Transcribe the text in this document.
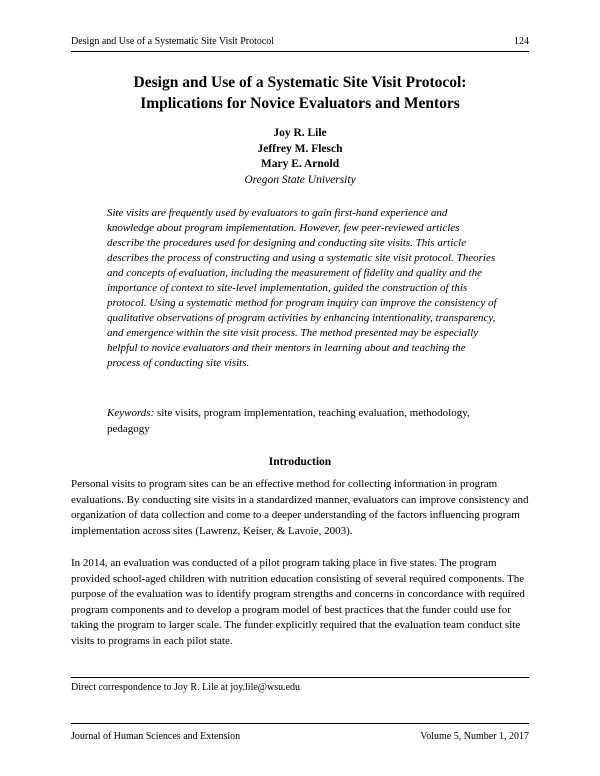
Design and Use of a Systematic Site Visit Protocol	124
Design and Use of a Systematic Site Visit Protocol:
Implications for Novice Evaluators and Mentors
Joy R. Lile
Jeffrey M. Flesch
Mary E. Arnold
Oregon State University
Site visits are frequently used by evaluators to gain first-hand experience and knowledge about program implementation. However, few peer-reviewed articles describe the procedures used for designing and conducting site visits. This article describes the process of constructing and using a systematic site visit protocol. Theories and concepts of evaluation, including the measurement of fidelity and quality and the importance of context to site-level implementation, guided the construction of this protocol. Using a systematic method for program inquiry can improve the consistency of qualitative observations of program activities by enhancing intentionality, transparency, and emergence within the site visit process. The method presented may be especially helpful to novice evaluators and their mentors in learning about and teaching the process of conducting site visits.
Keywords: site visits, program implementation, teaching evaluation, methodology, pedagogy
Introduction
Personal visits to program sites can be an effective method for collecting information in program evaluations. By conducting site visits in a standardized manner, evaluators can improve consistency and organization of data collection and come to a deeper understanding of the factors influencing program implementation across sites (Lawrenz, Keiser, & Lavoie, 2003).
In 2014, an evaluation was conducted of a pilot program taking place in five states. The program provided school-aged children with nutrition education consisting of several required components. The purpose of the evaluation was to identify program strengths and concerns in concordance with required program components and to develop a program model of best practices that the funder could use for taking the program to larger scale. The funder explicitly required that the evaluation team conduct site visits to programs in each pilot state.
Direct correspondence to Joy R. Lile at joy.lile@wsu.edu
Journal of Human Sciences and Extension	Volume 5, Number 1, 2017
